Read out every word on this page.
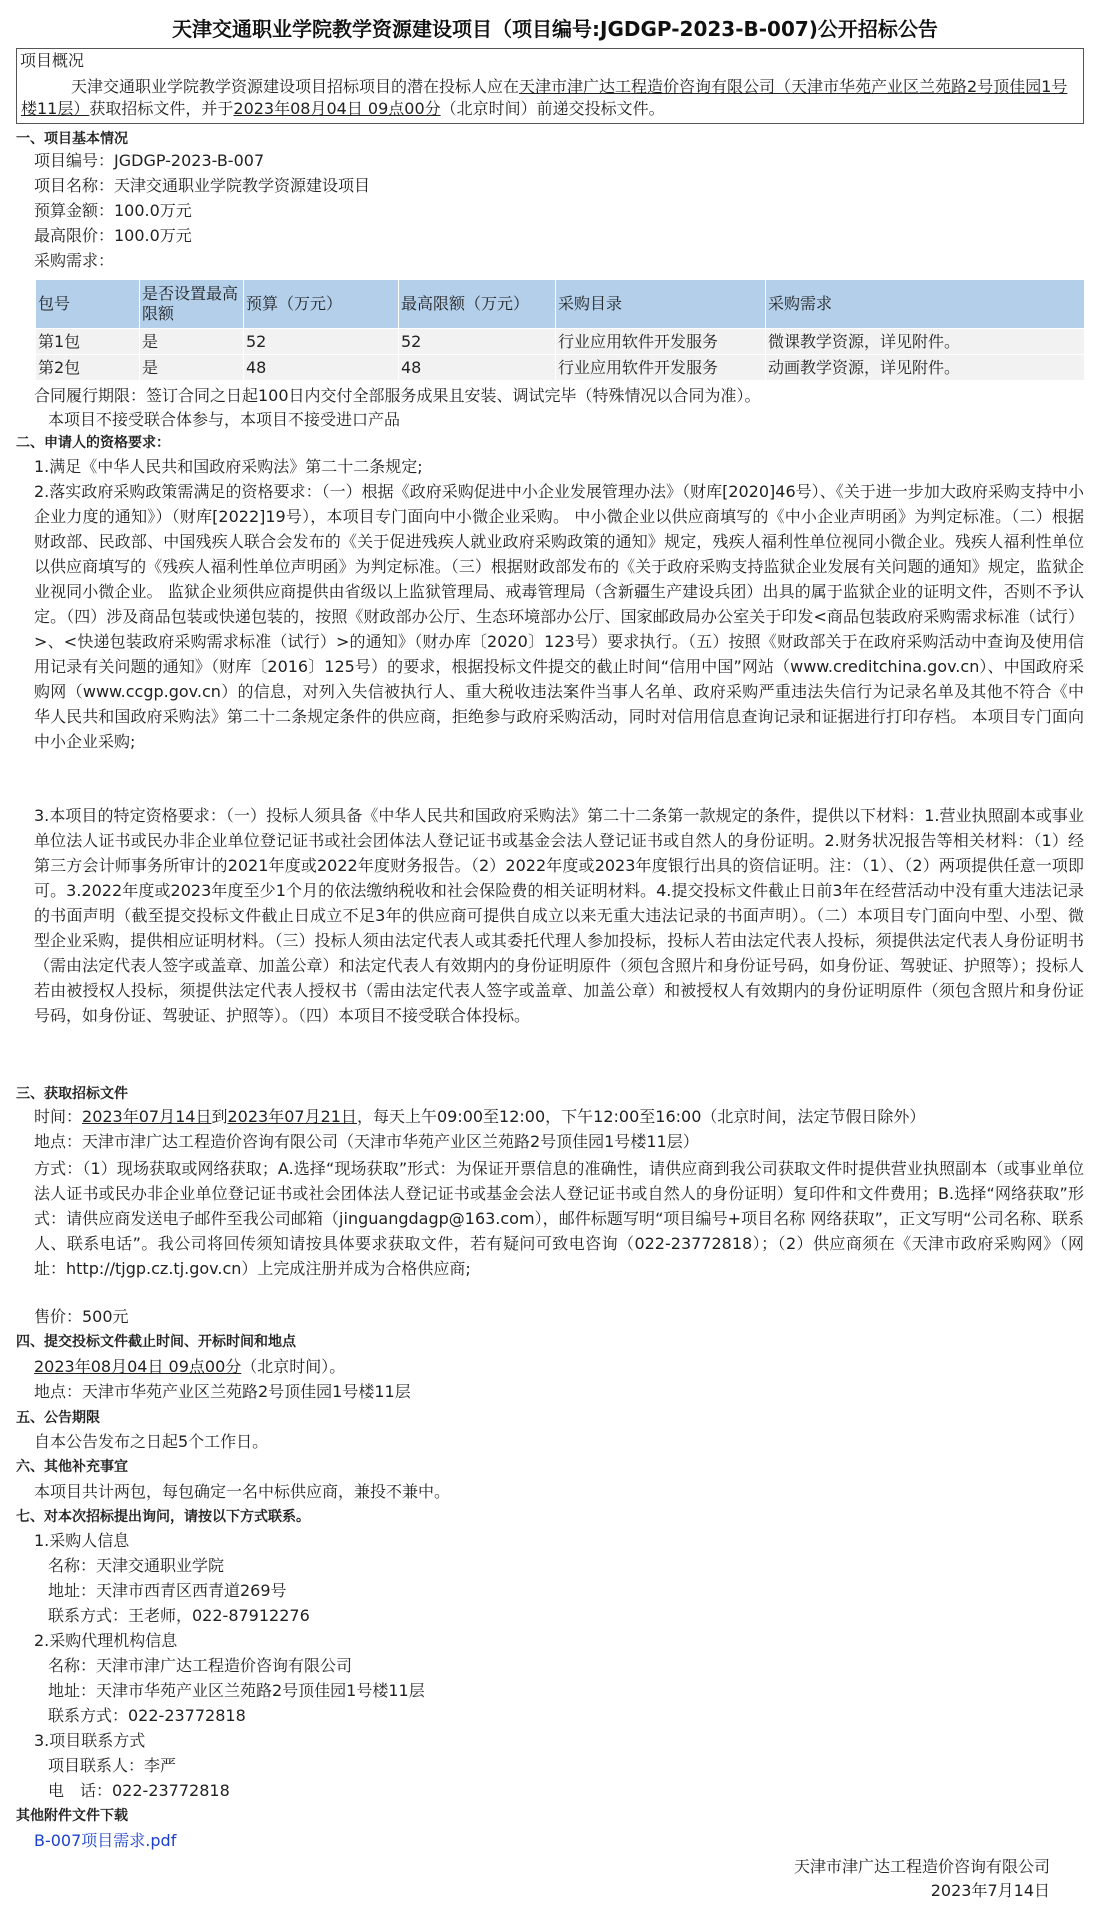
天津交通职业学院教学资源建设项目（项目编号:JGDGP-2023-B-007)公开招标公告
项目概况
天津交通职业学院教学资源建设项目招标项目的潜在投标人应在天津市津广达工程造价咨询有限公司（天津市华苑产业区兰苑路2号顶佳园1号楼11层）获取招标文件，并于2023年08月04日 09点00分（北京时间）前递交投标文件。
一、项目基本情况
项目编号：JGDGP-2023-B-007
项目名称：天津交通职业学院教学资源建设项目
预算金额：100.0万元
最高限价：100.0万元
采购需求：
包号	是否设置最高限额	预算（万元）	最高限额（万元）	采购目录	采购需求
第1包	是	52	52	行业应用软件开发服务	微课教学资源，详见附件。
第2包	是	48	48	行业应用软件开发服务	动画教学资源，详见附件。
合同履行期限：签订合同之日起100日内交付全部服务成果且安装、调试完毕（特殊情况以合同为准）。
本项目不接受联合体参与，本项目不接受进口产品
二、申请人的资格要求：
1.满足《中华人民共和国政府采购法》第二十二条规定;
2.落实政府采购政策需满足的资格要求：（一）根据《政府采购促进中小企业发展管理办法》（财库[2020]46号）、《关于进一步加大政府采购支持中小企业力度的通知》）（财库[2022]19号），本项目专门面向中小微企业采购。 中小微企业以供应商填写的《中小企业声明函》为判定标准。（二）根据财政部、民政部、中国残疾人联合会发布的《关于促进残疾人就业政府采购政策的通知》规定，残疾人福利性单位视同小微企业。残疾人福利性单位以供应商填写的《残疾人福利性单位声明函》为判定标准。（三）根据财政部发布的《关于政府采购支持监狱企业发展有关问题的通知》规定，监狱企业视同小微企业。 监狱企业须供应商提供由省级以上监狱管理局、戒毒管理局（含新疆生产建设兵团）出具的属于监狱企业的证明文件，否则不予认定。（四）涉及商品包装或快递包装的，按照《财政部办公厅、生态环境部办公厅、国家邮政局办公室关于印发<商品包装政府采购需求标准（试行）>、<快递包装政府采购需求标准（试行）>的通知》（财办库〔2020〕123号）要求执行。（五）按照《财政部关于在政府采购活动中查询及使用信用记录有关问题的通知》（财库〔2016〕125号）的要求，根据投标文件提交的截止时间“信用中国”网站（www.creditchina.gov.cn）、中国政府采购网（www.ccgp.gov.cn）的信息，对列入失信被执行人、重大税收违法案件当事人名单、政府采购严重违法失信行为记录名单及其他不符合《中华人民共和国政府采购法》第二十二条规定条件的供应商，拒绝参与政府采购活动，同时对信用信息查询记录和证据进行打印存档。 本项目专门面向中小企业采购;
3.本项目的特定资格要求：（一）投标人须具备《中华人民共和国政府采购法》第二十二条第一款规定的条件，提供以下材料：1.营业执照副本或事业单位法人证书或民办非企业单位登记证书或社会团体法人登记证书或基金会法人登记证书或自然人的身份证明。2.财务状况报告等相关材料：（1）经第三方会计师事务所审计的2021年度或2022年度财务报告。（2）2022年度或2023年度银行出具的资信证明。注：（1）、（2）两项提供任意一项即可。3.2022年度或2023年度至少1个月的依法缴纳税收和社会保险费的相关证明材料。4.提交投标文件截止日前3年在经营活动中没有重大违法记录的书面声明（截至提交投标文件截止日成立不足3年的供应商可提供自成立以来无重大违法记录的书面声明）。（二）本项目专门面向中型、小型、微型企业采购，提供相应证明材料。（三）投标人须由法定代表人或其委托代理人参加投标，投标人若由法定代表人投标，须提供法定代表人身份证明书（需由法定代表人签字或盖章、加盖公章）和法定代表人有效期内的身份证明原件（须包含照片和身份证号码，如身份证、驾驶证、护照等）；投标人若由被授权人投标，须提供法定代表人授权书（需由法定代表人签字或盖章、加盖公章）和被授权人有效期内的身份证明原件（须包含照片和身份证号码，如身份证、驾驶证、护照等）。（四）本项目不接受联合体投标。
三、获取招标文件
时间：2023年07月14日到2023年07月21日，每天上午09:00至12:00，下午12:00至16:00（北京时间，法定节假日除外）
地点：天津市津广达工程造价咨询有限公司（天津市华苑产业区兰苑路2号顶佳园1号楼11层）
方式：（1）现场获取或网络获取；A.选择“现场获取”形式：为保证开票信息的准确性，请供应商到我公司获取文件时提供营业执照副本（或事业单位法人证书或民办非企业单位登记证书或社会团体法人登记证书或基金会法人登记证书或自然人的身份证明）复印件和文件费用；B.选择“网络获取”形式：请供应商发送电子邮件至我公司邮箱（jinguangdagp@163.com），邮件标题写明“项目编号+项目名称 网络获取”，正文写明“公司名称、联系人、联系电话”。我公司将回传须知请按具体要求获取文件，若有疑问可致电咨询（022-23772818）；（2）供应商须在《天津市政府采购网》（网址：http://tjgp.cz.tj.gov.cn）上完成注册并成为合格供应商;
售价：500元
四、提交投标文件截止时间、开标时间和地点
2023年08月04日 09点00分（北京时间）。
地点：天津市华苑产业区兰苑路2号顶佳园1号楼11层
五、公告期限
自本公告发布之日起5个工作日。
六、其他补充事宜
本项目共计两包，每包确定一名中标供应商，兼投不兼中。
七、对本次招标提出询问，请按以下方式联系。
1.采购人信息
名称：天津交通职业学院
地址：天津市西青区西青道269号
联系方式：王老师，022-87912276
2.采购代理机构信息
名称：天津市津广达工程造价咨询有限公司
地址：天津市华苑产业区兰苑路2号顶佳园1号楼11层
联系方式：022-23772818
3.项目联系方式
项目联系人：李严
电　话：022-23772818
其他附件文件下载
B-007项目需求.pdf
天津市津广达工程造价咨询有限公司
2023年7月14日
